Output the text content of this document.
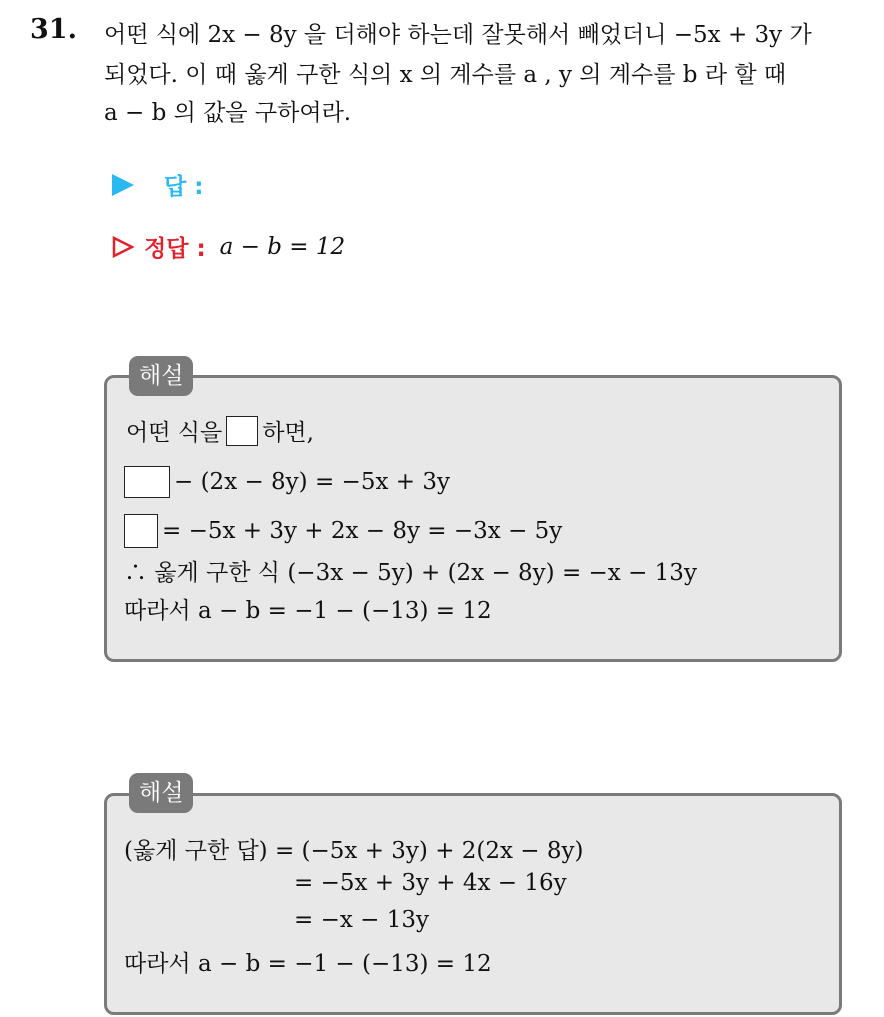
31. 어떤 식에 2x − 8y 을 더해야 하는데 잘못해서 빼었더니 −5x + 3y 가
되었다. 이 때 옳게 구한 식의 x 의 계수를 a , y 의 계수를 b 라 할 때
a − b 의 값을 구하여라.
답 :
정답 : a − b = 12
해설
어떤 식을 하면,
− (2x − 8y) = −5x + 3y
= −5x + 3y + 2x − 8y = −3x − 5y
∴ 옳게 구한 식 (−3x − 5y) + (2x − 8y) = −x − 13y
따라서 a − b = −1 − (−13) = 12
해설
(옳게 구한 답) = (−5x + 3y) + 2(2x − 8y)
= −5x + 3y + 4x − 16y
= −x − 13y
따라서 a − b = −1 − (−13) = 12
